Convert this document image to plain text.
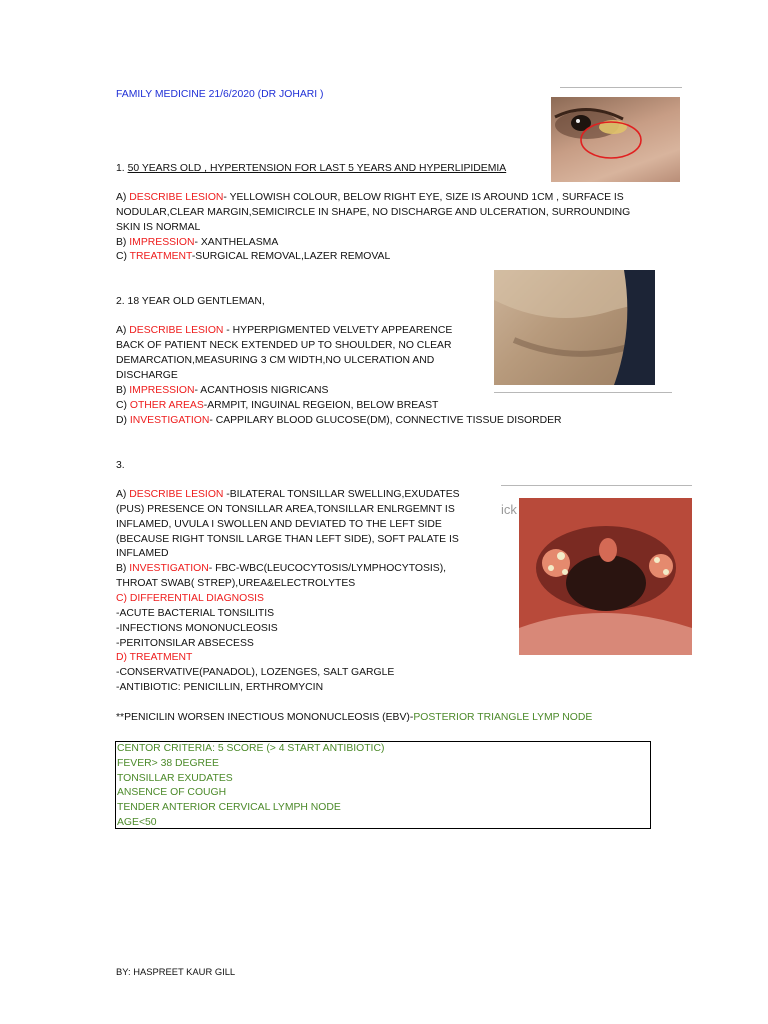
FAMILY MEDICINE 21/6/2020 (DR JOHARI )
1. 50 YEARS OLD , HYPERTENSION FOR LAST 5 YEARS AND HYPERLIPIDEMIA
A) DESCRIBE LESION- YELLOWISH COLOUR, BELOW RIGHT EYE, SIZE IS AROUND 1CM , SURFACE IS
NODULAR,CLEAR MARGIN,SEMICIRCLE IN SHAPE, NO DISCHARGE AND ULCERATION, SURROUNDING
SKIN IS NORMAL
B) IMPRESSION- XANTHELASMA
C) TREATMENT-SURGICAL REMOVAL,LAZER REMOVAL
2. 18 YEAR OLD GENTLEMAN,
A) DESCRIBE LESION - HYPERPIGMENTED VELVETY APPEARENCE
BACK OF PATIENT NECK EXTENDED UP TO SHOULDER, NO CLEAR
DEMARCATION,MEASURING 3 CM WIDTH,NO ULCERATION AND
DISCHARGE
B) IMPRESSION- ACANTHOSIS NIGRICANS
C) OTHER AREAS-ARMPIT, INGUINAL REGEION, BELOW BREAST
D) INVESTIGATION- CAPPILARY BLOOD GLUCOSE(DM), CONNECTIVE TISSUE DISORDER
ick
3.
A) DESCRIBE LESION -BILATERAL TONSILLAR SWELLING,EXUDATES
(PUS) PRESENCE ON TONSILLAR AREA,TONSILLAR ENLRGEMNT IS
INFLAMED, UVULA I SWOLLEN AND DEVIATED TO THE LEFT SIDE
(BECAUSE RIGHT TONSIL LARGE THAN LEFT SIDE), SOFT PALATE IS
INFLAMED
B) INVESTIGATION- FBC-WBC(LEUCOCYTOSIS/LYMPHOCYTOSIS),
THROAT SWAB( STREP),UREA&ELECTROLYTES
C) DIFFERENTIAL DIAGNOSIS
-ACUTE BACTERIAL TONSILITIS
-INFECTIONS MONONUCLEOSIS
-PERITONSILAR ABSECESS
D) TREATMENT
-CONSERVATIVE(PANADOL), LOZENGES, SALT GARGLE
-ANTIBIOTIC: PENICILLIN, ERTHROMYCIN
**PENICILIN WORSEN INECTIOUS MONONUCLEOSIS (EBV)-POSTERIOR TRIANGLE LYMP NODE
CENTOR CRITERIA: 5 SCORE (> 4 START ANTIBIOTIC)
FEVER> 38 DEGREE
TONSILLAR EXUDATES
ANSENCE OF COUGH
TENDER ANTERIOR CERVICAL LYMPH NODE
AGE<50
BY: HASPREET KAUR GILL
